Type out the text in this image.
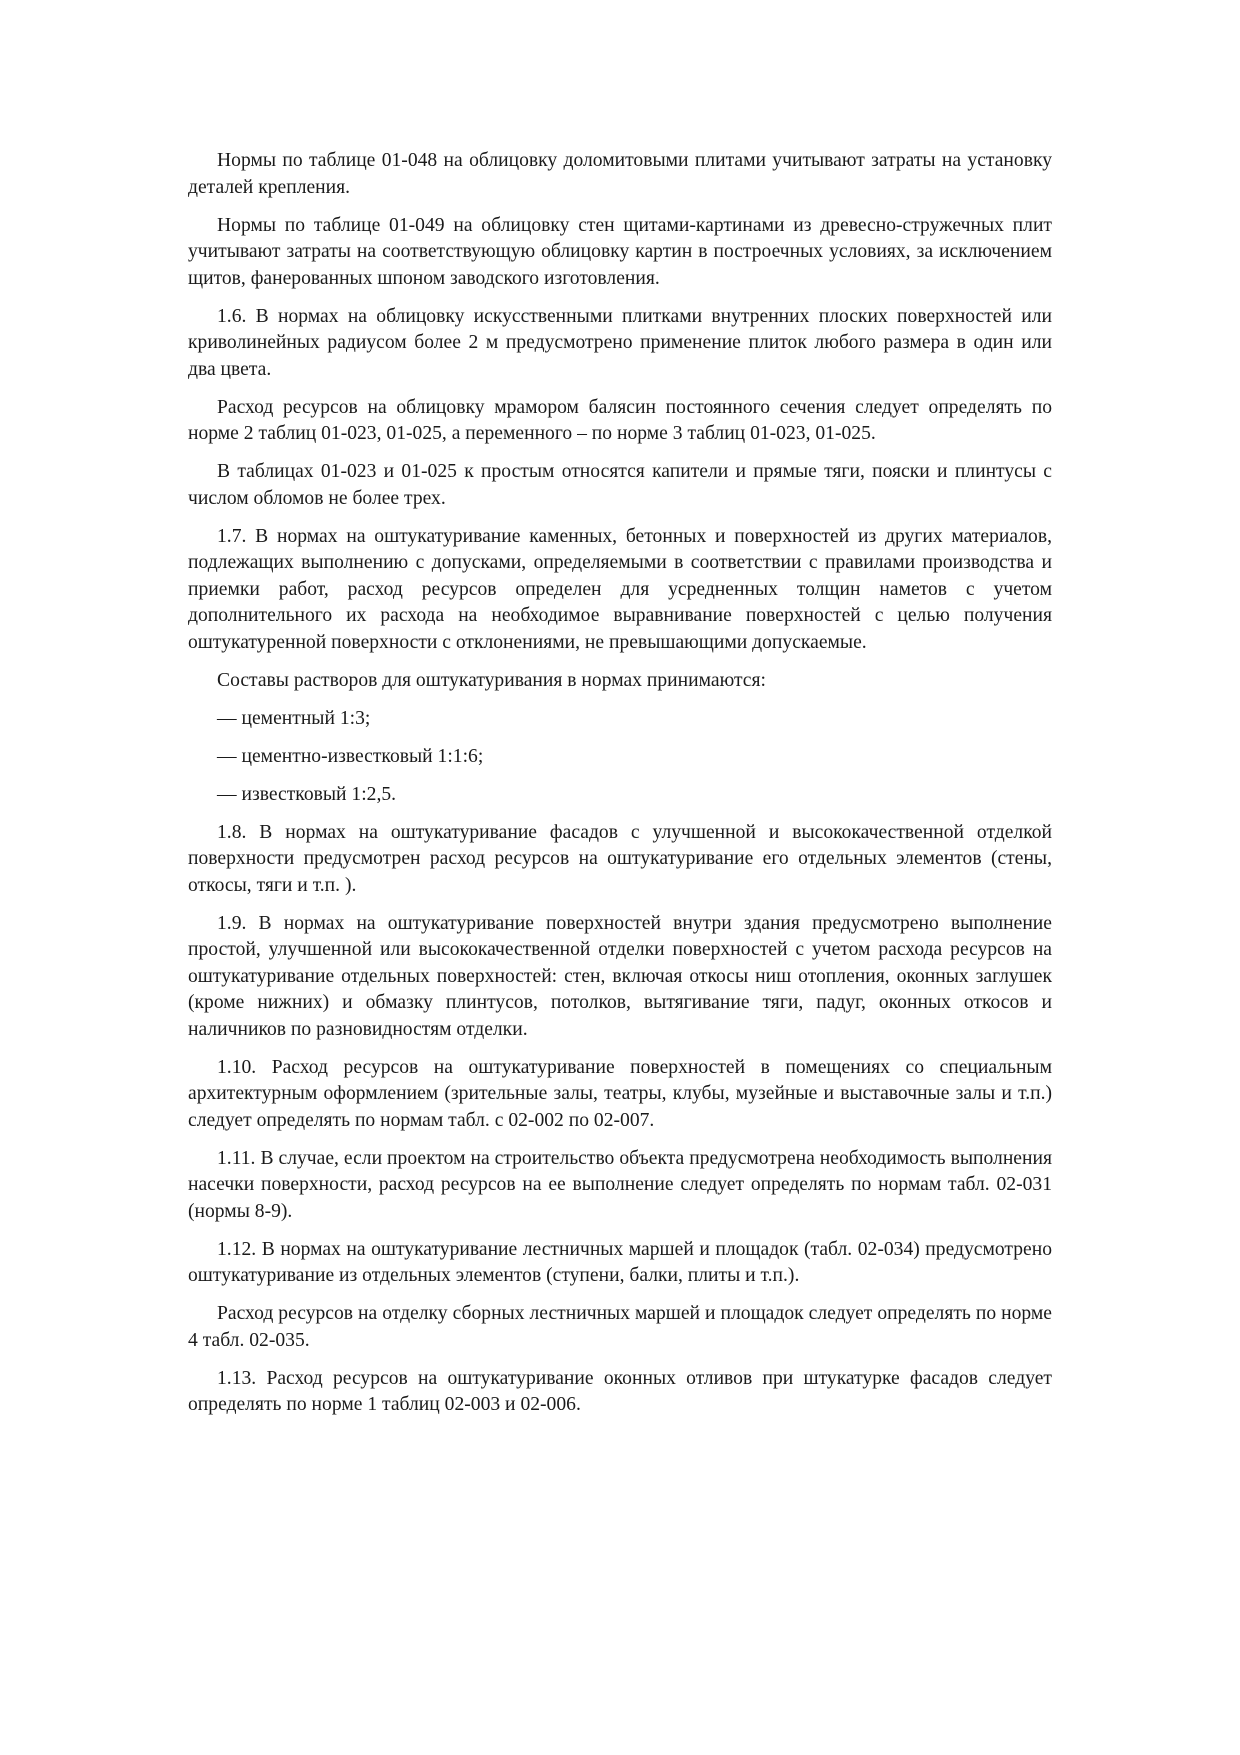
Нормы по таблице 01-048 на облицовку доломитовыми плитами учитывают затраты на установку деталей крепления.

Нормы по таблице 01-049 на облицовку стен щитами-картинами из древесно-стружечных плит учитывают затраты на соответствующую облицовку картин в построечных условиях, за исключением щитов, фанерованных шпоном заводского изготовления.

1.6. В нормах на облицовку искусственными плитками внутренних плоских поверхностей или криволинейных радиусом более 2 м предусмотрено применение плиток любого размера в один или два цвета.

Расход ресурсов на облицовку мрамором балясин постоянного сечения следует определять по норме 2 таблиц 01-023, 01-025, а переменного – по норме 3 таблиц 01-023, 01-025.

В таблицах 01-023 и 01-025 к простым относятся капители и прямые тяги, пояски и плинтусы с числом обломов не более трех.

1.7. В нормах на оштукатуривание каменных, бетонных и поверхностей из других материалов, подлежащих выполнению с допусками, определяемыми в соответствии с правилами производства и приемки работ, расход ресурсов определен для усредненных толщин наметов с учетом дополнительного их расхода на необходимое выравнивание поверхностей с целью получения оштукатуренной поверхности с отклонениями, не превышающими допускаемые.

Составы растворов для оштукатуривания в нормах принимаются:

— цементный 1:3;

— цементно-известковый 1:1:6;

— известковый 1:2,5.

1.8. В нормах на оштукатуривание фасадов с улучшенной и высококачественной отделкой поверхности предусмотрен расход ресурсов на оштукатуривание его отдельных элементов (стены, откосы, тяги и т.п. ).

1.9. В нормах на оштукатуривание поверхностей внутри здания предусмотрено выполнение простой, улучшенной или высококачественной отделки поверхностей с учетом расхода ресурсов на оштукатуривание отдельных поверхностей: стен, включая откосы ниш отопления, оконных заглушек (кроме нижних) и обмазку плинтусов, потолков, вытягивание тяги, падуг, оконных откосов и наличников по разновидностям отделки.

1.10. Расход ресурсов на оштукатуривание поверхностей в помещениях со специальным архитектурным оформлением (зрительные залы, театры, клубы, музейные и выставочные залы и т.п.) следует определять по нормам табл. с 02-002 по 02-007.

1.11. В случае, если проектом на строительство объекта предусмотрена необходимость выполнения насечки поверхности, расход ресурсов на ее выполнение следует определять по нормам табл. 02-031 (нормы 8-9).

1.12. В нормах на оштукатуривание лестничных маршей и площадок (табл. 02-034) предусмотрено оштукатуривание из отдельных элементов (ступени, балки, плиты и т.п.).

Расход ресурсов на отделку сборных лестничных маршей и площадок следует определять по норме 4 табл. 02-035.

1.13. Расход ресурсов на оштукатуривание оконных отливов при штукатурке фасадов следует определять по норме 1 таблиц 02-003 и 02-006.
